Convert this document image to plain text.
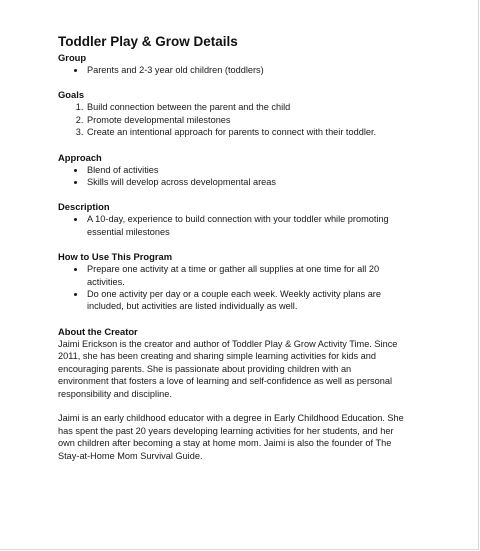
Toddler Play & Grow Details
Group
• Parents and 2-3 year old children (toddlers)
Goals
1. Build connection between the parent and the child
2. Promote developmental milestones
3. Create an intentional approach for parents to connect with their toddler.
Approach
• Blend of activities
• Skills will develop across developmental areas
Description
• A 10-day, experience to build connection with your toddler while promoting essential milestones
How to Use This Program
• Prepare one activity at a time or gather all supplies at one time for all 20 activities.
• Do one activity per day or a couple each week. Weekly activity plans are included, but activities are listed individually as well.
About the Creator

Jaimi Erickson is the creator and author of Toddler Play & Grow Activity Time. Since 2011, she has been creating and sharing simple learning activities for kids and encouraging parents. She is passionate about providing children with an environment that fosters a love of learning and self-confidence as well as personal responsibility and discipline.

Jaimi is an early childhood educator with a degree in Early Childhood Education. She has spent the past 20 years developing learning activities for her students, and her own children after becoming a stay at home mom. Jaimi is also the founder of The Stay-at-Home Mom Survival Guide.
